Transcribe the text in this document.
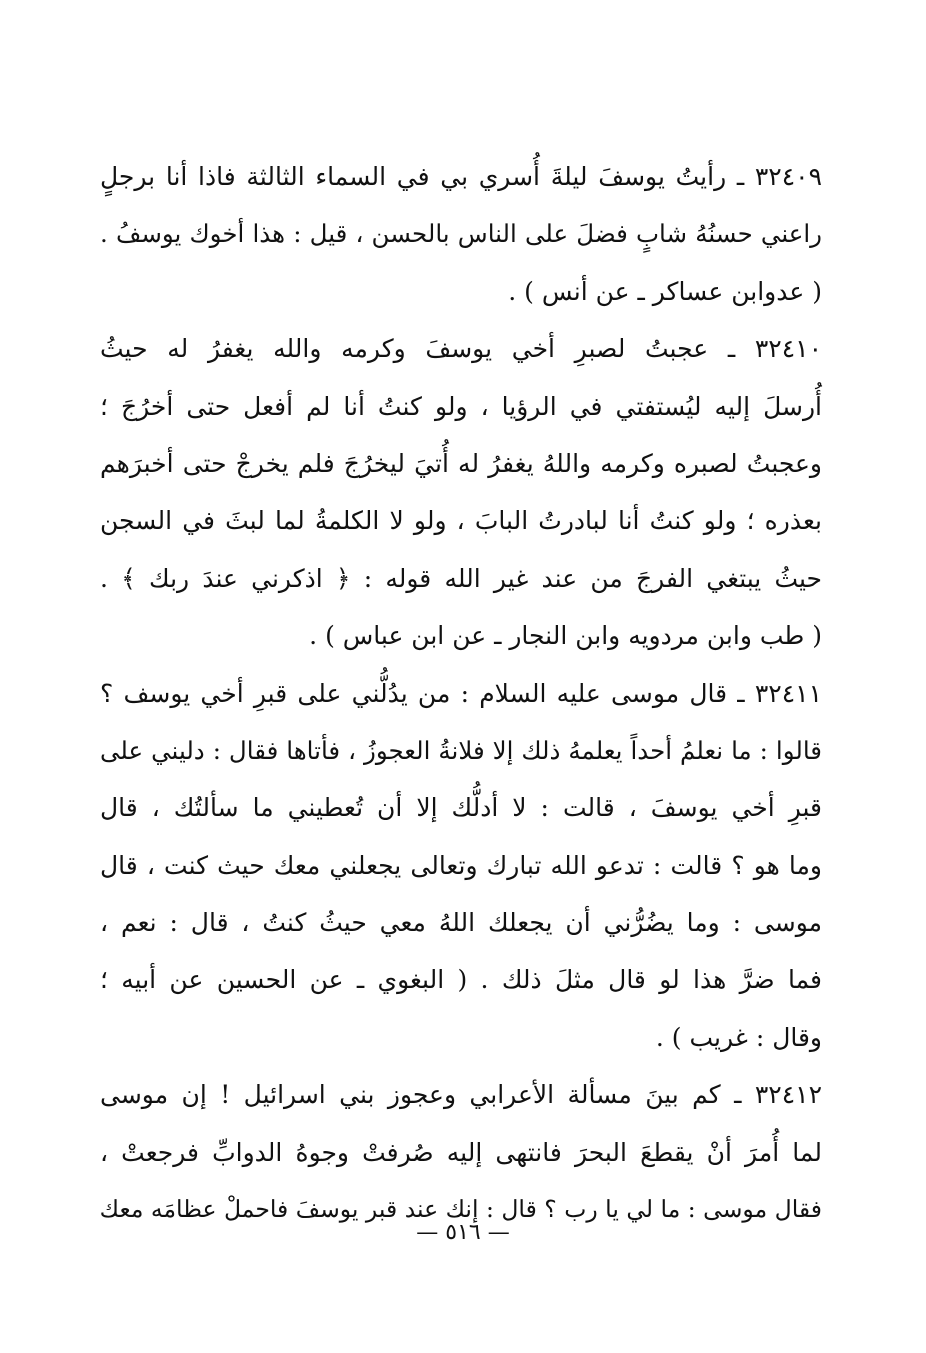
٣٢٤٠٩ ـ رأيتُ يوسفَ ليلةَ أُسري بي في السماء الثالثة فاذا أنا برجلٍ
راعني حسنُهُ شابٍ فضلَ على الناس بالحسن ، قيل : هذا أخوك يوسفُ .
( عدوابن عساكر ـ عن أنس ) .
٣٢٤١٠ ـ عجبتُ لصبرِ أخي يوسفَ وكرمه والله يغفرُ له حيثُ
أُرسلَ إليه ليُستفتي في الرؤيا ، ولو كنتُ أنا لم أفعل حتى أخرُجَ ؛
وعجبتُ لصبره وكرمه واللهُ يغفرُ له أُتيَ ليخرُجَ فلم يخرجْ حتى أخبرَهم
بعذره ؛ ولو كنتُ أنا لبادرتُ البابَ ، ولو لا الكلمةُ لما لبثَ في السجن
حيثُ يبتغي الفرجَ من عند غير الله قوله : ﴿ اذكرني عندَ ربك ﴾ .
( طب وابن مردويه وابن النجار ـ عن ابن عباس ) .
٣٢٤١١ ـ قال موسى عليه السلام : من يدُلُّني على قبرِ أخي يوسف ؟
قالوا : ما نعلمُ أحداً يعلمهُ ذلك إلا فلانةُ العجوزُ ، فأتاها فقال : دليني على
قبرِ أخي يوسفَ ، قالت : لا أدلُّك إلا أن تُعطيني ما سألتُك ، قال
وما هو ؟ قالت : تدعو الله تبارك وتعالى يجعلني معك حيث كنت ، قال
موسى : وما يضُرُّني أن يجعلك اللهُ معي حيثُ كنتُ ، قال : نعم ،
فما ضرَّ هذا لو قال مثلَ ذلك . ( البغوي ـ عن الحسين عن أبيه ؛
وقال : غريب ) .
٣٢٤١٢ ـ كم بينَ مسألة الأعرابي وعجوز بني اسرائيل ! إن موسى
لما أُمرَ أنْ يقطعَ البحرَ فانتهى إليه صُرفتْ وجوهُ الدوابِّ فرجعتْ ،
فقال موسى : ما لي يا رب ؟ قال : إنك عند قبر يوسفَ فاحملْ عظامَه معك
— ٥١٦ —
